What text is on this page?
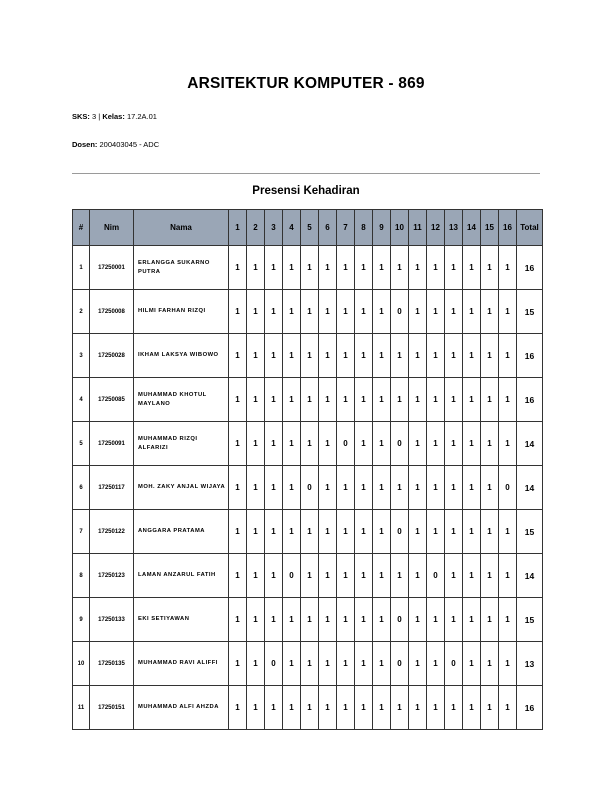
ARSITEKTUR KOMPUTER - 869
SKS: 3 | Kelas: 17.2A.01
Dosen: 200403045 - ADC
Presensi Kehadiran
#	Nim	Nama	1	2	3	4	5	6	7	8	9	10	11	12	13	14	15	16	Total
1	17250001	ERLANGGA SUKARNO PUTRA	1	1	1	1	1	1	1	1	1	1	1	1	1	1	1	1	16
2	17250008	HILMI FARHAN RIZQI	1	1	1	1	1	1	1	1	1	0	1	1	1	1	1	1	15
3	17250028	IKHAM LAKSYA WIBOWO	1	1	1	1	1	1	1	1	1	1	1	1	1	1	1	1	16
4	17250085	MUHAMMAD KHOTUL MAYLANO	1	1	1	1	1	1	1	1	1	1	1	1	1	1	1	1	16
5	17250091	MUHAMMAD RIZQI ALFARIZI	1	1	1	1	1	1	0	1	1	0	1	1	1	1	1	1	14
6	17250117	MOH. ZAKY ANJAL WIJAYA	1	1	1	1	0	1	1	1	1	1	1	1	1	1	1	0	14
7	17250122	ANGGARA PRATAMA	1	1	1	1	1	1	1	1	1	0	1	1	1	1	1	1	15
8	17250123	LAMAN ANZARUL FATIH	1	1	1	0	1	1	1	1	1	1	1	0	1	1	1	1	14
9	17250133	EKI SETIYAWAN	1	1	1	1	1	1	1	1	1	0	1	1	1	1	1	1	15
10	17250135	MUHAMMAD RAVI ALIFFI	1	1	0	1	1	1	1	1	1	0	1	1	0	1	1	1	13
11	17250151	MUHAMMAD ALFI AHZDA	1	1	1	1	1	1	1	1	1	1	1	1	1	1	1	1	16
